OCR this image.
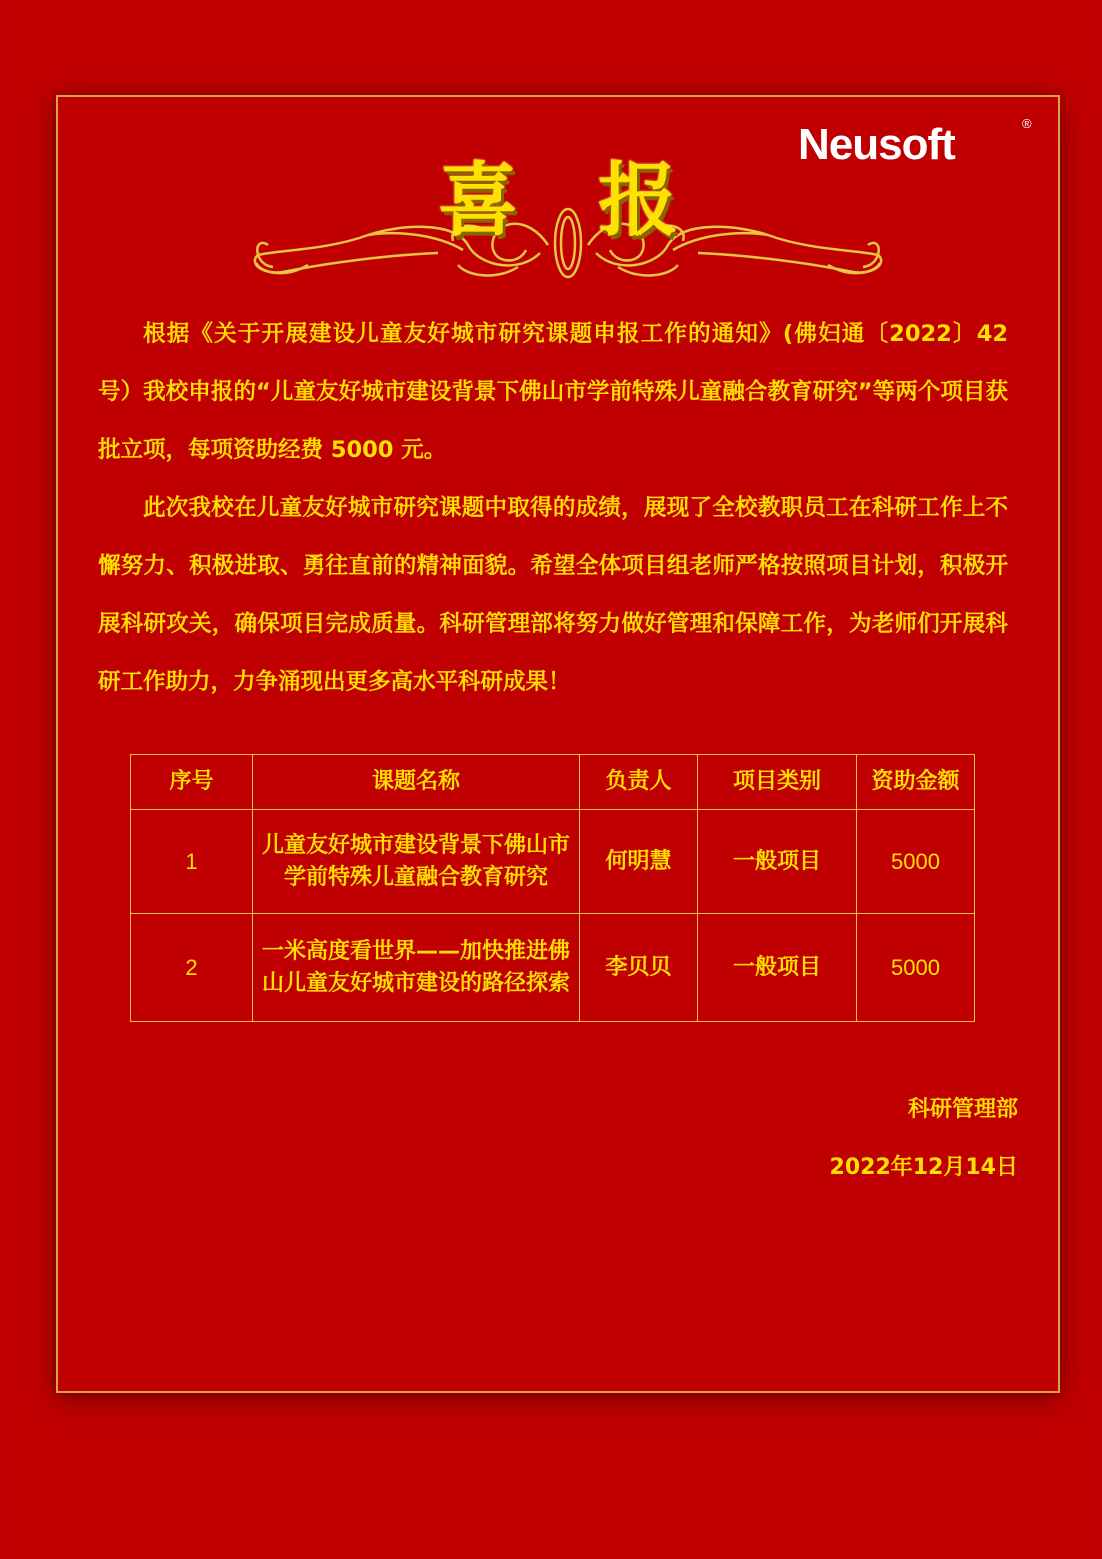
Neusoft	®
喜 报

根据《关于开展建设儿童友好城市研究课题申报工作的通知》(佛妇通〔2022〕42 号）我校申报的“儿童友好城市建设背景下佛山市学前特殊儿童融合教育研究”等两个项目获批立项，每项资助经费 5000 元。

此次我校在儿童友好城市研究课题中取得的成绩，展现了全校教职员工在科研工作上不懈努力、积极进取、勇往直前的精神面貌。希望全体项目组老师严格按照项目计划，积极开展科研攻关，确保项目完成质量。科研管理部将努力做好管理和保障工作，为老师们开展科研工作助力，力争涌现出更多高水平科研成果！

序号	课题名称	负责人	项目类别	资助金额
1	儿童友好城市建设背景下佛山市学前特殊儿童融合教育研究	何明慧	一般项目	5000
2	一米高度看世界——加快推进佛山儿童友好城市建设的路径探索	李贝贝	一般项目	5000
科研管理部
2022年12月14日
